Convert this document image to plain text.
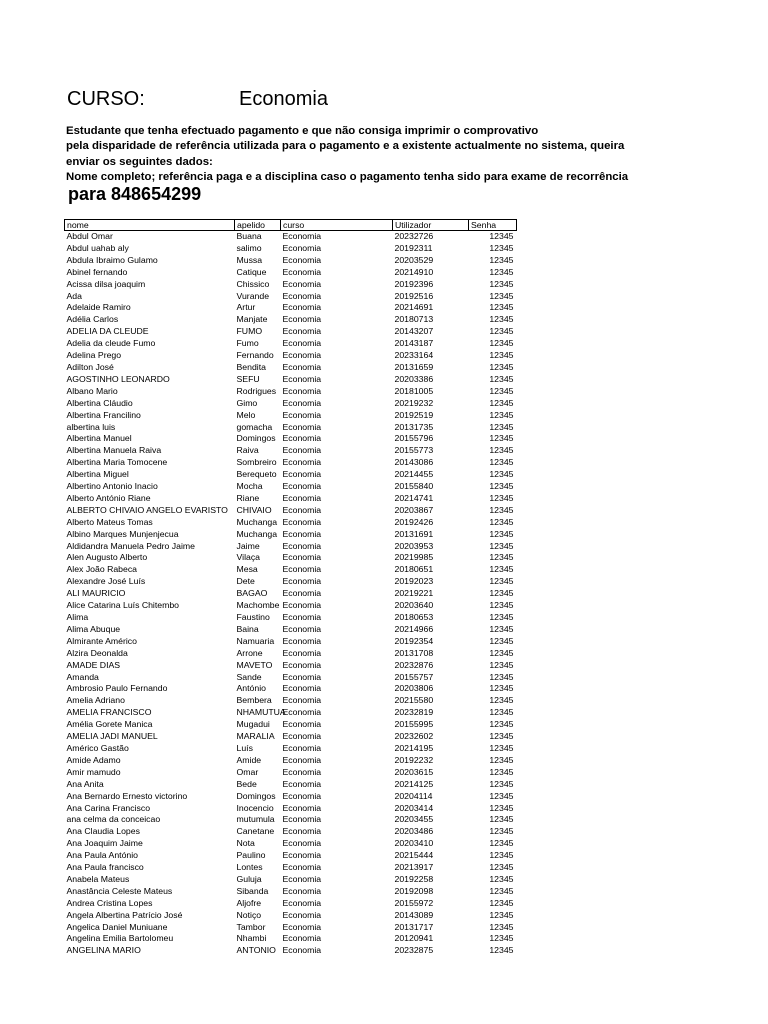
CURSO:	Economia
Estudante que tenha efectuado pagamento e que não consiga imprimir o comprovativo
pela disparidade de referência utilizada para o pagamento e a existente actualmente no sistema, queira
enviar os seguintes dados:
Nome completo; referência paga e a disciplina caso o pagamento tenha sido para exame de recorrência
para 848654299
nome	apelido	curso	Utilizador	Senha
Abdul Omar	Buana	Economia	20232726	12345
Abdul uahab aly	salimo	Economia	20192311	12345
Abdula Ibraimo Gulamo	Mussa	Economia	20203529	12345
Abinel fernando	Catique	Economia	20214910	12345
Acissa dilsa joaquim	Chissico	Economia	20192396	12345
Ada	Vurande	Economia	20192516	12345
Adelaide Ramiro	Artur	Economia	20214691	12345
Adélia Carlos	Manjate	Economia	20180713	12345
ADELIA DA CLEUDE	FUMO	Economia	20143207	12345
Adelia da cleude Fumo	Fumo	Economia	20143187	12345
Adelina Prego	Fernando	Economia	20233164	12345
Adilton José	Bendita	Economia	20131659	12345
AGOSTINHO LEONARDO	SEFU	Economia	20203386	12345
Albano Mario	Rodrigues	Economia	20181005	12345
Albertina Cláudio	Gimo	Economia	20219232	12345
Albertina Francilino	Melo	Economia	20192519	12345
albertina luis	gomacha	Economia	20131735	12345
Albertina Manuel	Domingos	Economia	20155796	12345
Albertina Manuela Raiva	Raiva	Economia	20155773	12345
Albertina Maria Tomocene	Sombreiro	Economia	20143086	12345
Albertina Miguel	Berequeto	Economia	20214455	12345
Albertino Antonio Inacio	Mocha	Economia	20155840	12345
Alberto António Riane	Riane	Economia	20214741	12345
ALBERTO CHIVAIO ANGELO EVARISTO	CHIVAIO	Economia	20203867	12345
Alberto Mateus Tomas	Muchanga	Economia	20192426	12345
Albino Marques Munjenjecua	Muchanga	Economia	20131691	12345
Aldidandra Manuela Pedro Jaime	Jaime	Economia	20203953	12345
Alen Augusto Alberto	Vilaça	Economia	20219985	12345
Alex João Rabeca	Mesa	Economia	20180651	12345
Alexandre José Luís	Dete	Economia	20192023	12345
ALI MAURICIO	BAGAO	Economia	20219221	12345
Alice Catarina Luís Chitembo	Machombe	Economia	20203640	12345
Alima	Faustino	Economia	20180653	12345
Alima Abuque	Baina	Economia	20214966	12345
Almirante Américo	Namuaria	Economia	20192354	12345
Alzira Deonalda	Arrone	Economia	20131708	12345
AMADE DIAS	MAVETO	Economia	20232876	12345
Amanda	Sande	Economia	20155757	12345
Ambrosio Paulo Fernando	António	Economia	20203806	12345
Amelia Adriano	Bembera	Economia	20215580	12345
AMELIA FRANCISCO	NHAMUTUA	Economia	20232819	12345
Amélia Gorete Manica	Mugadui	Economia	20155995	12345
AMELIA JADI MANUEL	MARALIA	Economia	20232602	12345
Américo Gastão	Luís	Economia	20214195	12345
Amide Adamo	Amide	Economia	20192232	12345
Amir mamudo	Omar	Economia	20203615	12345
Ana Anita	Bede	Economia	20214125	12345
Ana Bernardo Ernesto victorino	Domingos	Economia	20204114	12345
Ana Carina Francisco	Inocencio	Economia	20203414	12345
ana celma da conceicao	mutumula	Economia	20203455	12345
Ana Claudia Lopes	Canetane	Economia	20203486	12345
Ana Joaquim Jaime	Nota	Economia	20203410	12345
Ana Paula António	Paulino	Economia	20215444	12345
Ana Paula francisco	Lontes	Economia	20213917	12345
Anabela Mateus	Guluja	Economia	20192258	12345
Anastância Celeste Mateus	Sibanda	Economia	20192098	12345
Andrea Cristina Lopes	Aljofre	Economia	20155972	12345
Angela Albertina Patrício José	Notiço	Economia	20143089	12345
Angelica Daniel Muniuane	Tambor	Economia	20131717	12345
Angelina Emilia Bartolomeu	Nhambi	Economia	20120941	12345
ANGELINA MARIO	ANTONIO	Economia	20232875	12345
